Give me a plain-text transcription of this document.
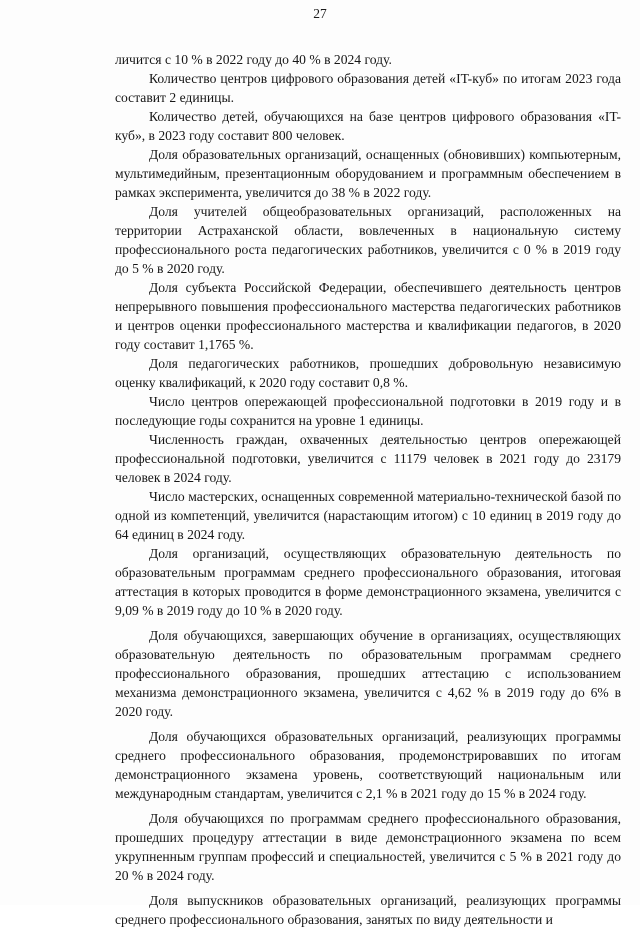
27

личится с 10 % в 2022 году до 40 % в 2024 году.

Количество центров цифрового образования детей «IT-куб» по итогам 2023 года составит 2 единицы.

Количество детей, обучающихся на базе центров цифрового образования «IT-куб», в 2023 году составит 800 человек.

Доля образовательных организаций, оснащенных (обновивших) компьютерным, мультимедийным, презентационным оборудованием и программным обеспечением в рамках эксперимента, увеличится до 38 % в 2022 году.

Доля учителей общеобразовательных организаций, расположенных на территории Астраханской области, вовлеченных в национальную систему профессионального роста педагогических работников, увеличится с 0 % в 2019 году до 5 % в 2020 году.

Доля субъекта Российской Федерации, обеспечившего деятельность центров непрерывного повышения профессионального мастерства педагогических работников и центров оценки профессионального мастерства и квалификации педагогов, в 2020 году составит 1,1765 %.

Доля педагогических работников, прошедших добровольную независимую оценку квалификаций, к 2020 году составит 0,8 %.

Число центров опережающей профессиональной подготовки в 2019 году и в последующие годы сохранится на уровне 1 единицы.

Численность граждан, охваченных деятельностью центров опережающей профессиональной подготовки, увеличится с 11179 человек в 2021 году до 23179 человек в 2024 году.

Число мастерских, оснащенных современной материально-технической базой по одной из компетенций, увеличится (нарастающим итогом) с 10 единиц в 2019 году до 64 единиц в 2024 году.

Доля организаций, осуществляющих образовательную деятельность по образовательным программам среднего профессионального образования, итоговая аттестация в которых проводится в форме демонстрационного экзамена, увеличится с 9,09 % в 2019 году до 10 % в 2020 году.

Доля обучающихся, завершающих обучение в организациях, осуществляющих образовательную деятельность по образовательным программам среднего профессионального образования, прошедших аттестацию с использованием механизма демонстрационного экзамена, увеличится с 4,62 % в 2019 году до 6% в 2020 году.

Доля обучающихся образовательных организаций, реализующих программы среднего профессионального образования, продемонстрировавших по итогам демонстрационного экзамена уровень, соответствующий национальным или международным стандартам, увеличится с 2,1 % в 2021 году до 15 % в 2024 году.

Доля обучающихся по программам среднего профессионального образования, прошедших процедуру аттестации в виде демонстрационного экзамена по всем укрупненным группам профессий и специальностей, увеличится с 5 % в 2021 году до 20 % в 2024 году.

Доля выпускников образовательных организаций, реализующих программы среднего профессионального образования, занятых по виду деятельности и
